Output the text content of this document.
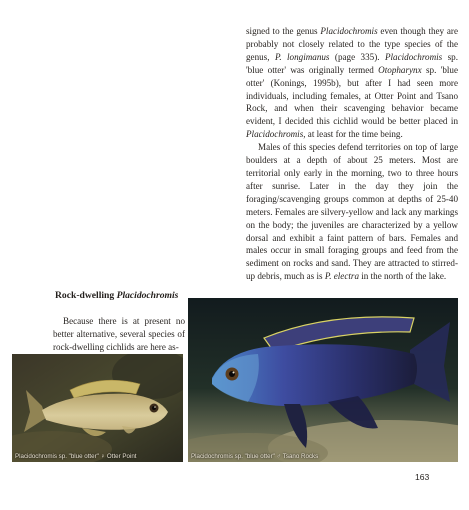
signed to the genus Placidochromis even though they are probably not closely related to the type species of the genus, P. longimanus (page 335). Placidochromis sp. 'blue otter' was originally termed Otopharynx sp. 'blue otter' (Konings, 1995b), but after I had seen more individuals, including females, at Otter Point and Tsano Rock, and when their scavenging behavior became evident, I decided this cichlid would be better placed in Placidochromis, at least for the time being.

Males of this species defend territories on top of large boulders at a depth of about 25 meters. Most are territorial only early in the morning, two to three hours after sunrise. Later in the day they join the foraging/scavenging groups common at depths of 25-40 meters. Females are silvery-yellow and lack any markings on the body; the juveniles are characterized by a yellow dorsal and exhibit a faint pattern of bars. Females and males occur in small foraging groups and feed from the sediment on rocks and sand. They are attracted to stirred-up debris, much as is P. electra in the north of the lake.

Rock-dwelling Placidochromis
Because there is at present no better alternative, several species of rock-dwelling cichlids are here as-
Placidochromis sp. "blue otter" ♀ Otter Point	Placidochromis sp. "blue otter" ♂ Tsano Rocks
163
